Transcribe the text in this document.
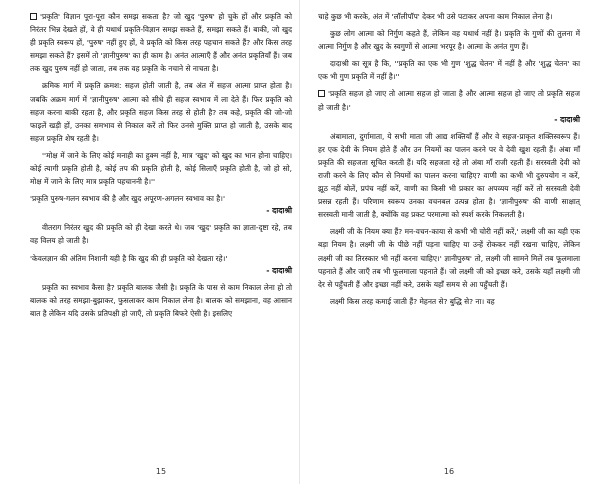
'प्रकृति' विज्ञान पूरा-पूरा कौन समझ सकता है? जो खुद 'पुरुष' हो चुके हों और प्रकृति को निरंतर भिन्न देखते हों, वे ही यथार्थ प्रकृति-विज्ञान समझ सकते हैं, समझा सकते हैं। बाकी, जो खुद ही प्रकृति स्वरूप हों, 'पुरुष' नहीं हुए हों, वे प्रकृति को किस तरह पहचान सकते हैं? और किस तरह समझा सकते हैं? इसमें तो 'ज्ञानीपुरुष' का ही काम है। अनंत आत्माएँ हैं और अनंत प्रकृतियाँ हैं। जब तक खुद पुरुष नहीं हो जाता, तब तक वह प्रकृति के नचाने से नाचता है।

क्रमिक मार्ग में प्रकृति क्रमश: सहज होती जाती है, तब अंत में सहज आत्मा प्राप्त होता है। जबकि अक्रम मार्ग में 'ज्ञानीपुरुष' आत्मा को सीधे ही सहज स्वभाव में ला देते हैं। फिर प्रकृति को सहज करना बाकी रहता है, और प्रकृति सहज किस तरह से होती है? तब कहे, प्रकृति की जो-जो फाइलें खड़ी हों, उनका समभाव से निकाल करें तो फिर उनसे मुक्ति प्राप्त हो जाती है, उसके बाद सहज प्रकृति शेष रहती है।

''मोक्ष में जाने के लिए कोई मनाही का हुक्म नहीं है, मात्र 'खुद' को खुद का भान होना चाहिए। कोई त्यागी प्रकृति होती है, कोई तप की प्रकृति होती है, कोई सिलाएँ प्रकृति होती है, जो हो सो, मोक्ष में जाने के लिए मात्र प्रकृति पहचाननी है।''

'प्रकृति पुरुष-गलन स्वभाव की है और खुद अपूरण-अगलन स्वभाव का है।'
- दादाश्री

वीतराग निरंतर खुद की प्रकृति को ही देखा करते थे। जब 'खुद' प्रकृति का ज्ञाता-दृष्टा रहे, तब वह विलय हो जाती है।

'केवलज्ञान की अंतिम निशानी यही है कि खुद की ही प्रकृति को देखता रहे।'
- दादाश्री

प्रकृति का स्वभाव कैसा है? प्रकृति बालक जैसी है। प्रकृति के पास से काम निकाल लेना हो तो बालक को तरह समझा-बुझाकर, फुसलाकर काम निकाल लेना है। बालक को समझाना, वह आसान बात है लेकिन यदि उसके प्रतिपक्षी हो जाएँ, तो प्रकृति बिफरे ऐसी है। इसलिए

15

चाहे कुछ भी करके, अंत में 'लॉलीपॉप' देकर भी उसे पटाकर अपना काम निकाल लेना है।

कुछ लोग आत्मा को निर्गुण कहते हैं, लेकिन वह यथार्थ नहीं है। प्रकृति के गुणों की तुलना में आत्मा निर्गुण है और खुद के स्वगुणों से आत्मा भरपूर है। आत्मा के अनंत गुण हैं।

दादाश्री का सूत्र है कि, ''प्रकृति का एक भी गुण 'शुद्ध चेतन' में नहीं है और 'शुद्ध चेतन' का एक भी गुण प्रकृति में नहीं है।''

'प्रकृति सहज हो जाए तो आत्मा सहज हो जाता है और आत्मा सहज हो जाए तो प्रकृति सहज हो जाती है।'
- दादाश्री

अंबामाता, दुर्गामाता, ये सभी माता जी आद्य शक्तियाँ हैं और वे सहज-प्राकृत शक्तिस्वरूप हैं। हर एक देवी के नियम होते हैं और उन नियमों का पालन करने पर वे देवी खुश रहती हैं। अंबा माँ प्रकृति की सहजता सूचित करती हैं। यदि सहजता रहे तो अंबा माँ राजी रहती हैं। सरस्वती देवी को राजी करने के लिए कौन से नियमों का पालन करना चाहिए? वाणी का कभी भी दुरुपयोग न करें, झूठ नहीं बोलें, प्रपंच नहीं करें, वाणी का किसी भी प्रकार का अपव्यय नहीं करें तो सरस्वती देवी प्रसन्न रहती हैं। परिणाम स्वरूप उनका वचनबल उत्पन्न होता है। 'ज्ञानीपुरुष' की वाणी साक्षात् सरस्वती मानी जाती है, क्योंकि वह प्रकट परमात्मा को स्पर्श करके निकलती है।

लक्ष्मी जी के नियम क्या हैं? मन-वचन-काया से कभी भी चोरी नहीं करें,' लक्ष्मी जी का यही एक बड़ा नियम है। लक्ष्मी जी के पीछे नहीं पड़ना चाहिए या उन्हें रोककर नहीं रखना चाहिए, लेकिन लक्ष्मी जी का तिरस्कार भी नहीं करना चाहिए।' ज्ञानीपुरुष' तो, लक्ष्मी जी सामने मिलें तब फूलमाला पहनाते हैं और जाएँ तब भी फूलमाला पहनाते हैं। जो लक्ष्मी जी को इच्छा करे, उसके यहाँ लक्ष्मी जी देर से पहुँचती हैं और इच्छा नहीं करे, उसके यहाँ समय से आ पहुँचती हैं।

लक्ष्मी किस तरह कमाई जाती हैं? मेहनत से? बुद्धि से? ना। वह

16
